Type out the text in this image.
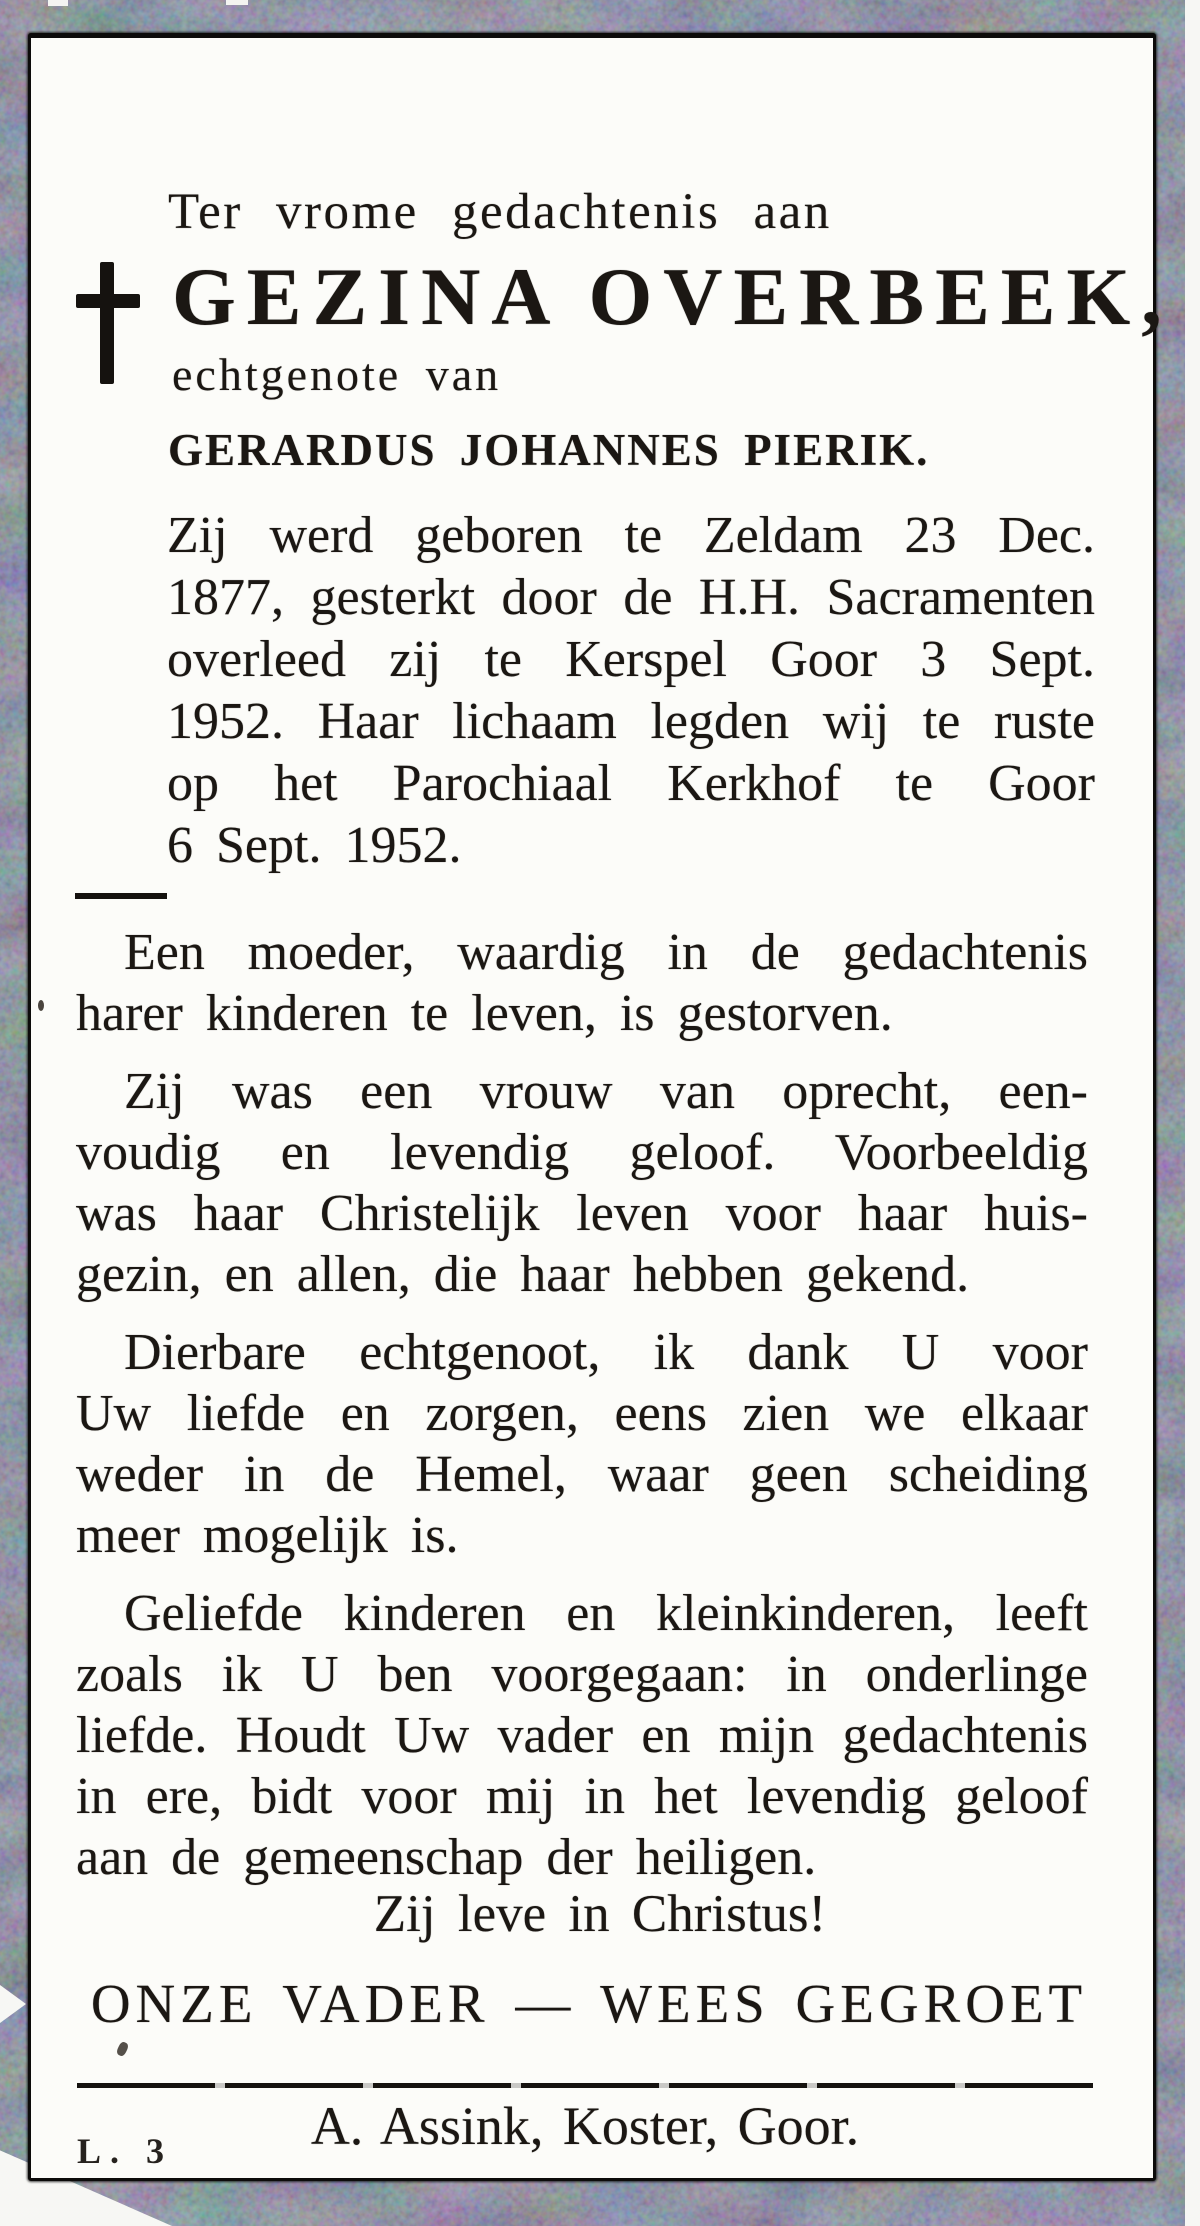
Ter vrome gedachtenis aan
GEZINA OVERBEEK,
echtgenote van
GERARDUS JOHANNES PIERIK.
Zij werd geboren te Zeldam 23 Dec.
1877, gesterkt door de H.H. Sacramenten
overleed zij te Kerspel Goor 3 Sept.
1952. Haar lichaam legden wij te ruste
op het Parochiaal Kerkhof te Goor
6 Sept. 1952.
Een moeder, waardig in de gedachtenis
harer kinderen te leven, is gestorven.
Zij was een vrouw van oprecht, een-
voudig en levendig geloof. Voorbeeldig
was haar Christelijk leven voor haar huis-
gezin, en allen, die haar hebben gekend.
Dierbare echtgenoot, ik dank U voor
Uw liefde en zorgen, eens zien we elkaar
weder in de Hemel, waar geen scheiding
meer mogelijk is.
Geliefde kinderen en kleinkinderen, leeft
zoals ik U ben voorgegaan: in onderlinge
liefde. Houdt Uw vader en mijn gedachtenis
in ere, bidt voor mij in het levendig geloof
aan de gemeenschap der heiligen.
Zij leve in Christus!
ONZE VADER — WEES GEGROET
A. Assink, Koster, Goor.
L. 3
